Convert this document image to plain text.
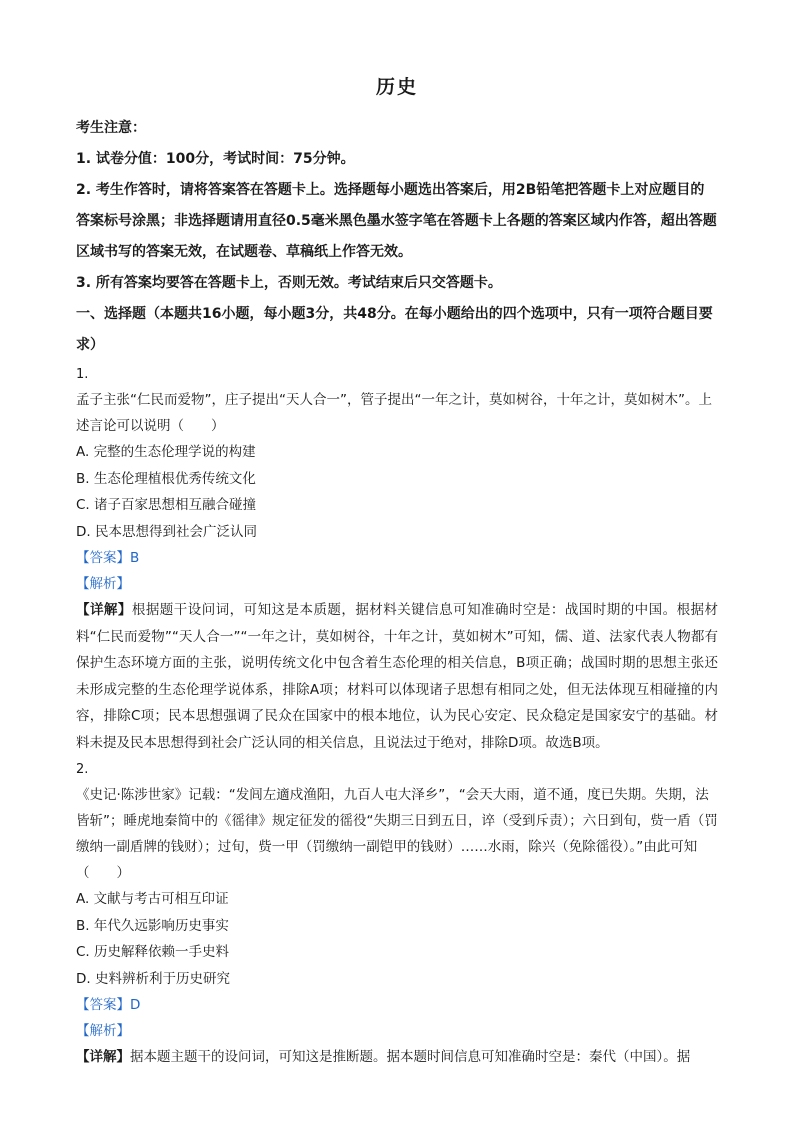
历史

考生注意：

1. 试卷分值：100分，考试时间：75分钟。

2. 考生作答时，请将答案答在答题卡上。选择题每小题选出答案后，用2B铅笔把答题卡上对应题目的答案标号涂黑；非选择题请用直径0.5毫米黑色墨水签字笔在答题卡上各题的答案区域内作答，超出答题区域书写的答案无效，在试题卷、草稿纸上作答无效。

3. 所有答案均要答在答题卡上，否则无效。考试结束后只交答题卡。

一、选择题（本题共16小题，每小题3分，共48分。在每小题给出的四个选项中，只有一项符合题目要求）

1.

孟子主张“仁民而爱物”，庄子提出“天人合一”，管子提出“一年之计，莫如树谷，十年之计，莫如树木”。上述言论可以说明（　　）

A. 完整的生态伦理学说的构建

B. 生态伦理植根优秀传统文化

C. 诸子百家思想相互融合碰撞

D. 民本思想得到社会广泛认同

【答案】B

【解析】

【详解】根据题干设问词，可知这是本质题，据材料关键信息可知准确时空是：战国时期的中国。根据材料“仁民而爱物”“天人合一”“一年之计，莫如树谷，十年之计，莫如树木”可知，儒、道、法家代表人物都有保护生态环境方面的主张，说明传统文化中包含着生态伦理的相关信息，B项正确；战国时期的思想主张还未形成完整的生态伦理学说体系，排除A项；材料可以体现诸子思想有相同之处，但无法体现互相碰撞的内容，排除C项；民本思想强调了民众在国家中的根本地位，认为民心安定、民众稳定是国家安宁的基础。材料未提及民本思想得到社会广泛认同的相关信息，且说法过于绝对，排除D项。故选B项。

2.

《史记·陈涉世家》记载：“发闾左適戍渔阳，九百人屯大泽乡”，“会天大雨，道不通，度已失期。失期，法皆斩”；睡虎地秦简中的《徭律》规定征发的徭役“失期三日到五日，谇（受到斥责）；六日到旬，赀一盾（罚缴纳一副盾牌的钱财）；过旬，赀一甲（罚缴纳一副铠甲的钱财）……水雨，除兴（免除徭役）。”由此可知（　　）

A. 文献与考古可相互印证

B. 年代久远影响历史事实

C. 历史解释依赖一手史料

D. 史料辨析利于历史研究

【答案】D

【解析】

【详解】据本题主题干的设问词，可知这是推断题。据本题时间信息可知准确时空是：秦代（中国）。据
